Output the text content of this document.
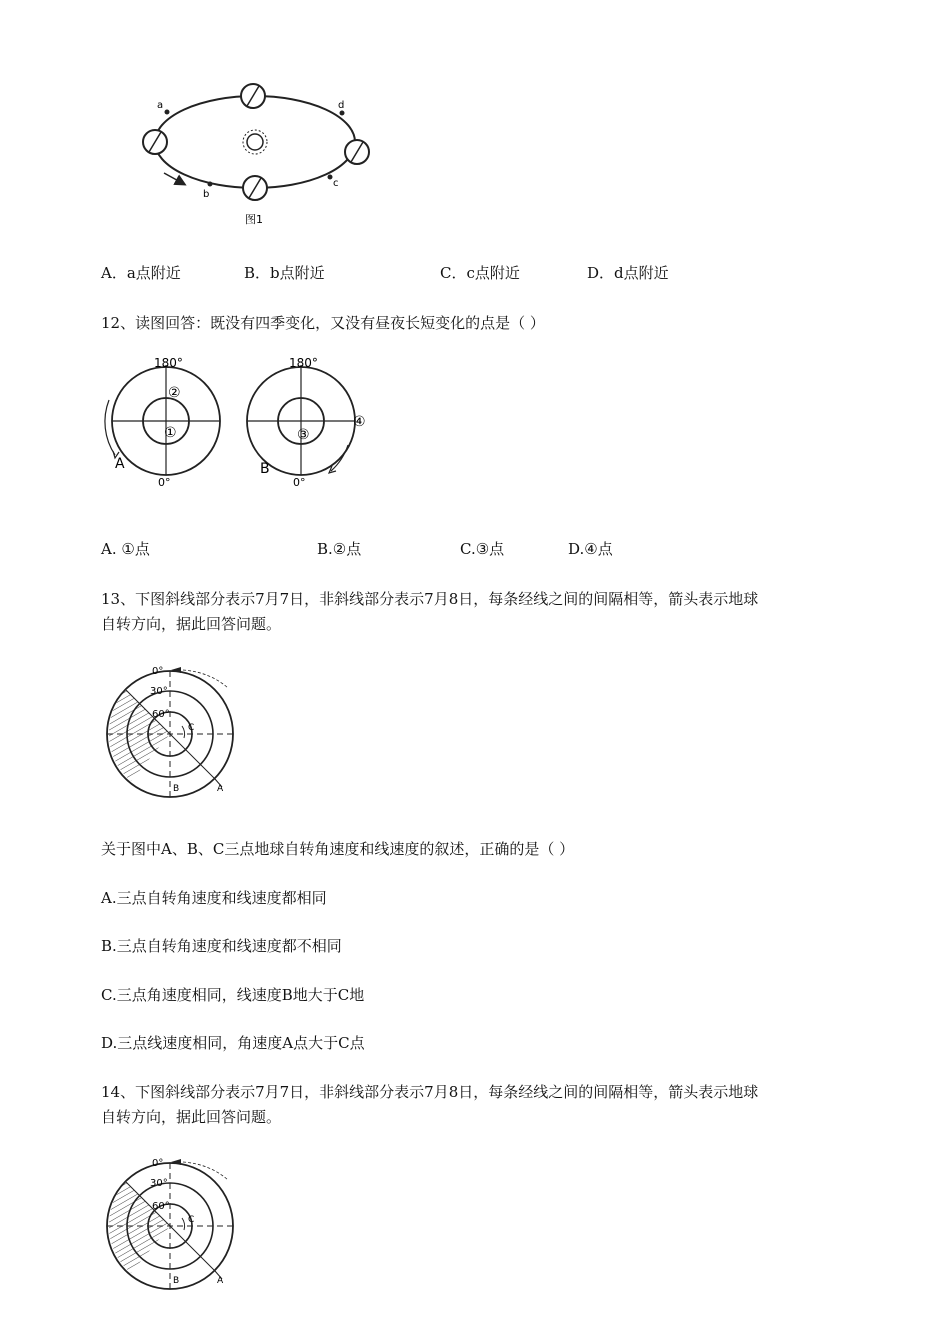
a	d
b
c
图1
A．a点附近	B．b点附近	C．c点附近	D．d点附近
12、读图回答：既没有四季变化，又没有昼夜长短变化的点是（ ）
180°
0°
A
②
①
180°
0°
B
③
④
A. ①点	B.②点	C.③点	D.④点
13、下图斜线部分表示7月7日，非斜线部分表示7月8日，每条经线之间的间隔相等，箭头表示地球
自转方向，据此回答问题。
0°
30°
60°
A
B
C
关于图中A、B、C三点地球自转角速度和线速度的叙述，正确的是（ ）
A.三点自转角速度和线速度都相同
B.三点自转角速度和线速度都不相同
C.三点角速度相同，线速度B地大于C地
D.三点线速度相同，角速度A点大于C点
14、下图斜线部分表示7月7日，非斜线部分表示7月8日，每条经线之间的间隔相等，箭头表示地球
自转方向，据此回答问题。
0°
30°
60°
A
B
C
